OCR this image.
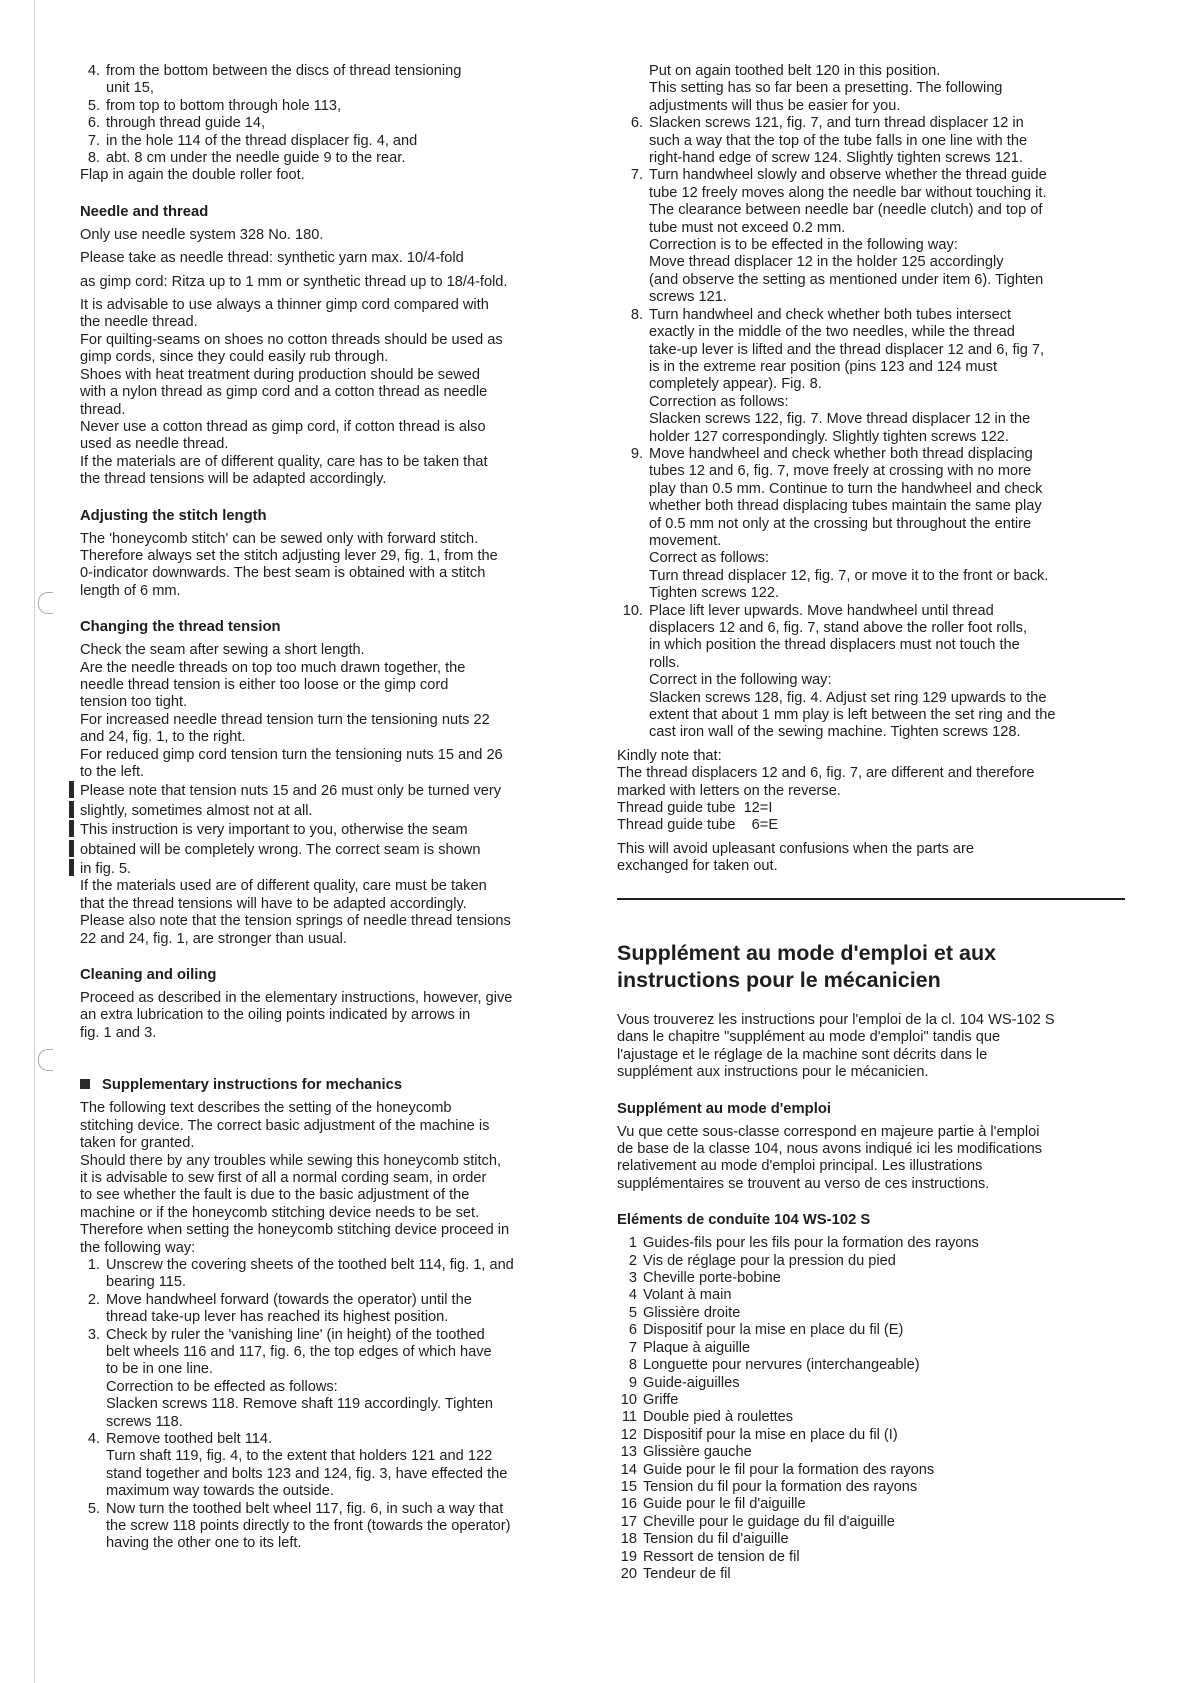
4. from the bottom between the discs of thread tensioning
unit 15,
5. from top to bottom through hole 113,
6. through thread guide 14,
7. in the hole 114 of the thread displacer fig. 4, and
8. abt. 8 cm under the needle guide 9 to the rear.
Flap in again the double roller foot.
Needle and thread
Only use needle system 328 No. 180.
Please take as needle thread: synthetic yarn max. 10/4-fold
as gimp cord: Ritza up to 1 mm or synthetic thread up to 18/4-fold.
It is advisable to use always a thinner gimp cord compared with
the needle thread.
For quilting-seams on shoes no cotton threads should be used as
gimp cords, since they could easily rub through.
Shoes with heat treatment during production should be sewed
with a nylon thread as gimp cord and a cotton thread as needle
thread.
Never use a cotton thread as gimp cord, if cotton thread is also
used as needle thread.
If the materials are of different quality, care has to be taken that
the thread tensions will be adapted accordingly.
Adjusting the stitch length
The 'honeycomb stitch' can be sewed only with forward stitch.
Therefore always set the stitch adjusting lever 29, fig. 1, from the
0-indicator downwards. The best seam is obtained with a stitch
length of 6 mm.
Changing the thread tension
Check the seam after sewing a short length.
Are the needle threads on top too much drawn together, the
needle thread tension is either too loose or the gimp cord
tension too tight.
For increased needle thread tension turn the tensioning nuts 22
and 24, fig. 1, to the right.
For reduced gimp cord tension turn the tensioning nuts 15 and 26
to the left.
Please note that tension nuts 15 and 26 must only be turned very
slightly, sometimes almost not at all.
This instruction is very important to you, otherwise the seam
obtained will be completely wrong. The correct seam is shown
in fig. 5.
If the materials used are of different quality, care must be taken
that the thread tensions will have to be adapted accordingly.
Please also note that the tension springs of needle thread tensions
22 and 24, fig. 1, are stronger than usual.
Cleaning and oiling
Proceed as described in the elementary instructions, however, give
an extra lubrication to the oiling points indicated by arrows in
fig. 1 and 3.
Supplementary instructions for mechanics
The following text describes the setting of the honeycomb
stitching device. The correct basic adjustment of the machine is
taken for granted.
Should there by any troubles while sewing this honeycomb stitch,
it is advisable to sew first of all a normal cording seam, in order
to see whether the fault is due to the basic adjustment of the
machine or if the honeycomb stitching device needs to be set.
Therefore when setting the honeycomb stitching device proceed in
the following way:
1. Unscrew the covering sheets of the toothed belt 114, fig. 1, and
bearing 115.
2. Move handwheel forward (towards the operator) until the
thread take-up lever has reached its highest position.
3. Check by ruler the 'vanishing line' (in height) of the toothed
belt wheels 116 and 117, fig. 6, the top edges of which have
to be in one line.
Correction to be effected as follows:
Slacken screws 118. Remove shaft 119 accordingly. Tighten
screws 118.
4. Remove toothed belt 114.
Turn shaft 119, fig. 4, to the extent that holders 121 and 122
stand together and bolts 123 and 124, fig. 3, have effected the
maximum way towards the outside.
5. Now turn the toothed belt wheel 117, fig. 6, in such a way that
the screw 118 points directly to the front (towards the operator)
having the other one to its left.
Put on again toothed belt 120 in this position.
This setting has so far been a presetting. The following
adjustments will thus be easier for you.
6. Slacken screws 121, fig. 7, and turn thread displacer 12 in
such a way that the top of the tube falls in one line with the
right-hand edge of screw 124. Slightly tighten screws 121.
7. Turn handwheel slowly and observe whether the thread guide
tube 12 freely moves along the needle bar without touching it.
The clearance between needle bar (needle clutch) and top of
tube must not exceed 0.2 mm.
Correction is to be effected in the following way:
Move thread displacer 12 in the holder 125 accordingly
(and observe the setting as mentioned under item 6). Tighten
screws 121.
8. Turn handwheel and check whether both tubes intersect
exactly in the middle of the two needles, while the thread
take-up lever is lifted and the thread displacer 12 and 6, fig 7,
is in the extreme rear position (pins 123 and 124 must
completely appear). Fig. 8.
Correction as follows:
Slacken screws 122, fig. 7. Move thread displacer 12 in the
holder 127 correspondingly. Slightly tighten screws 122.
9. Move handwheel and check whether both thread displacing
tubes 12 and 6, fig. 7, move freely at crossing with no more
play than 0.5 mm. Continue to turn the handwheel and check
whether both thread displacing tubes maintain the same play
of 0.5 mm not only at the crossing but throughout the entire
movement.
Correct as follows:
Turn thread displacer 12, fig. 7, or move it to the front or back.
Tighten screws 122.
10. Place lift lever upwards. Move handwheel until thread
displacers 12 and 6, fig. 7, stand above the roller foot rolls,
in which position the thread displacers must not touch the
rolls.
Correct in the following way:
Slacken screws 128, fig. 4. Adjust set ring 129 upwards to the
extent that about 1 mm play is left between the set ring and the
cast iron wall of the sewing machine. Tighten screws 128.
Kindly note that:
The thread displacers 12 and 6, fig. 7, are different and therefore
marked with letters on the reverse.
Thread guide tube  12=I
Thread guide tube    6=E
This will avoid upleasant confusions when the parts are
exchanged for taken out.
Supplément au mode d'emploi et aux
instructions pour le mécanicien
Vous trouverez les instructions pour l'emploi de la cl. 104 WS-102 S
dans le chapitre "supplément au mode d'emploi" tandis que
l'ajustage et le réglage de la machine sont décrits dans le
supplément aux instructions pour le mécanicien.
Supplément au mode d'emploi
Vu que cette sous-classe correspond en majeure partie à l'emploi
de base de la classe 104, nous avons indiqué ici les modifications
relativement au mode d'emploi principal. Les illustrations
supplémentaires se trouvent au verso de ces instructions.
Eléments de conduite 104 WS-102 S
1 Guides-fils pour les fils pour la formation des rayons
2 Vis de réglage pour la pression du pied
3 Cheville porte-bobine
4 Volant à main
5 Glissière droite
6 Dispositif pour la mise en place du fil (E)
7 Plaque à aiguille
8 Longuette pour nervures (interchangeable)
9 Guide-aiguilles
10 Griffe
11 Double pied à roulettes
12 Dispositif pour la mise en place du fil (I)
13 Glissière gauche
14 Guide pour le fil pour la formation des rayons
15 Tension du fil pour la formation des rayons
16 Guide pour le fil d'aiguille
17 Cheville pour le guidage du fil d'aiguille
18 Tension du fil d'aiguille
19 Ressort de tension de fil
20 Tendeur de fil
